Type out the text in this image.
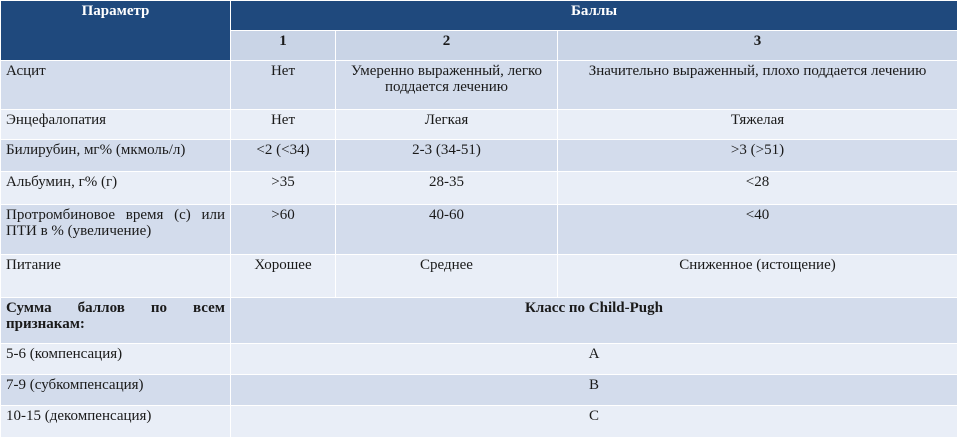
Параметр	Баллы		
	1	2	3
Асцит	Нет	Умеренно выраженный, легко поддается лечению	Значительно выраженный, плохо поддается лечению
Энцефалопатия	Нет	Легкая	Тяжелая
Билирубин, мг% (мкмоль/л)	<2 (<34)	2-3 (34-51)	>3 (>51)
Альбумин, г% (г)	>35	28-35	<28
Протромбиновое время (с) или ПТИ в % (увеличение)	>60	40-60	<40
Питание	Хорошее	Среднее	Сниженное (истощение)
Сумма баллов по всем признакам:	Класс по Child-Pugh		
5-6 (компенсация)	A		
7-9 (субкомпенсация)	B		
10-15 (декомпенсация)	C		
